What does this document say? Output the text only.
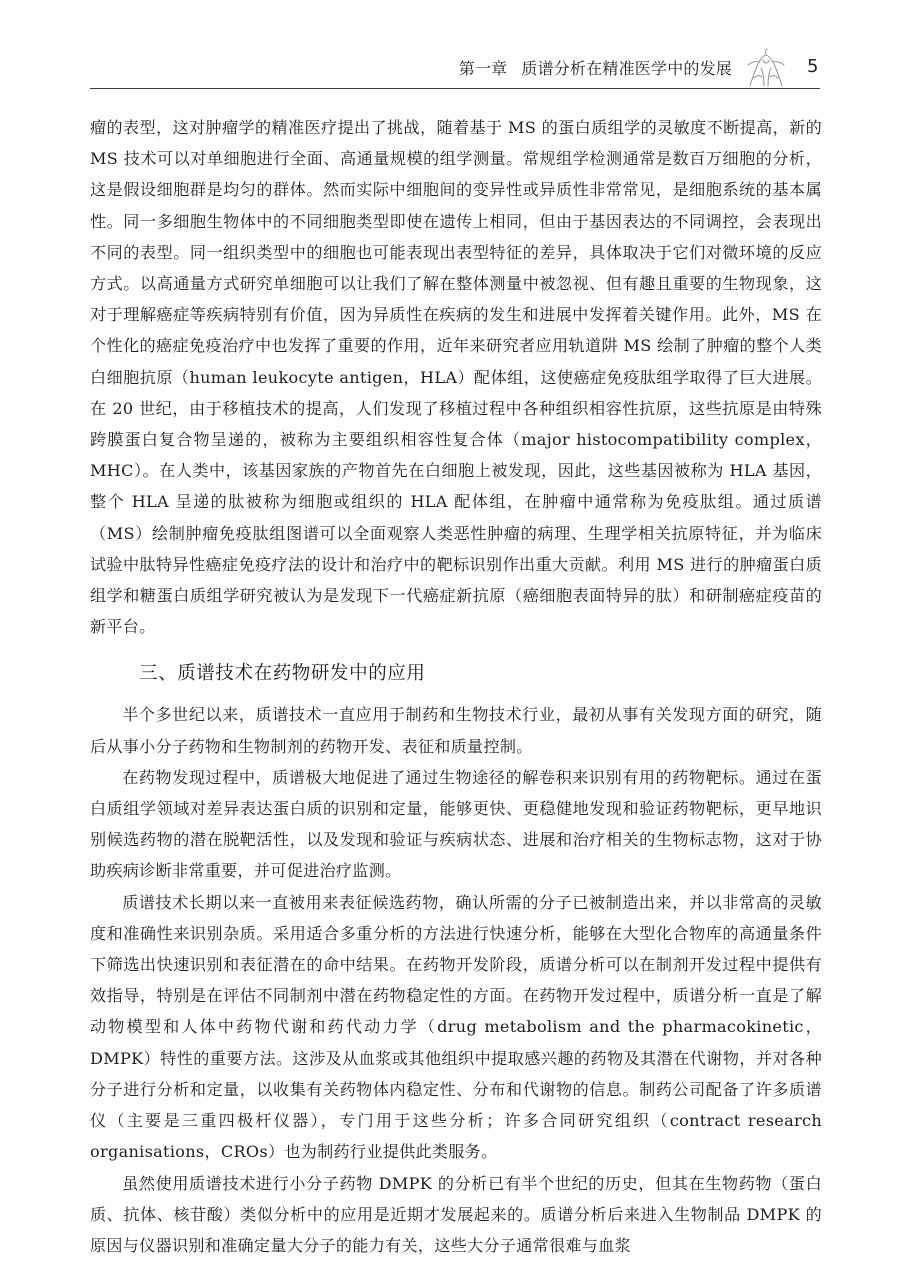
第一章 质谱分析在精准医学中的发展	5

瘤的表型，这对肿瘤学的精准医疗提出了挑战，随着基于 MS 的蛋白质组学的灵敏度不断提高，新的 MS 技术可以对单细胞进行全面、高通量规模的组学测量。常规组学检测通常是数百万细胞的分析，这是假设细胞群是均匀的群体。然而实际中细胞间的变异性或异质性非常常见，是细胞系统的基本属性。同一多细胞生物体中的不同细胞类型即使在遗传上相同，但由于基因表达的不同调控，会表现出不同的表型。同一组织类型中的细胞也可能表现出表型特征的差异，具体取决于它们对微环境的反应方式。以高通量方式研究单细胞可以让我们了解在整体测量中被忽视、但有趣且重要的生物现象，这对于理解癌症等疾病特别有价值，因为异质性在疾病的发生和进展中发挥着关键作用。此外，MS 在个性化的癌症免疫治疗中也发挥了重要的作用，近年来研究者应用轨道阱 MS 绘制了肿瘤的整个人类白细胞抗原（human leukocyte antigen，HLA）配体组，这使癌症免疫肽组学取得了巨大进展。在 20 世纪，由于移植技术的提高，人们发现了移植过程中各种组织相容性抗原，这些抗原是由特殊跨膜蛋白复合物呈递的，被称为主要组织相容性复合体（major histocompatibility complex，MHC）。在人类中，该基因家族的产物首先在白细胞上被发现，因此，这些基因被称为 HLA 基因，整个 HLA 呈递的肽被称为细胞或组织的 HLA 配体组，在肿瘤中通常称为免疫肽组。通过质谱（MS）绘制肿瘤免疫肽组图谱可以全面观察人类恶性肿瘤的病理、生理学相关抗原特征，并为临床试验中肽特异性癌症免疫疗法的设计和治疗中的靶标识别作出重大贡献。利用 MS 进行的肿瘤蛋白质组学和糖蛋白质组学研究被认为是发现下一代癌症新抗原（癌细胞表面特异的肽）和研制癌症疫苗的新平台。

三、质谱技术在药物研发中的应用

半个多世纪以来，质谱技术一直应用于制药和生物技术行业，最初从事有关发现方面的研究，随后从事小分子药物和生物制剂的药物开发、表征和质量控制。

在药物发现过程中，质谱极大地促进了通过生物途径的解卷积来识别有用的药物靶标。通过在蛋白质组学领域对差异表达蛋白质的识别和定量，能够更快、更稳健地发现和验证药物靶标，更早地识别候选药物的潜在脱靶活性，以及发现和验证与疾病状态、进展和治疗相关的生物标志物，这对于协助疾病诊断非常重要，并可促进治疗监测。

质谱技术长期以来一直被用来表征候选药物，确认所需的分子已被制造出来，并以非常高的灵敏度和准确性来识别杂质。采用适合多重分析的方法进行快速分析，能够在大型化合物库的高通量条件下筛选出快速识别和表征潜在的命中结果。在药物开发阶段，质谱分析可以在制剂开发过程中提供有效指导，特别是在评估不同制剂中潜在药物稳定性的方面。在药物开发过程中，质谱分析一直是了解动物模型和人体中药物代谢和药代动力学（drug metabolism and the pharmacokinetic，DMPK）特性的重要方法。这涉及从血浆或其他组织中提取感兴趣的药物及其潜在代谢物，并对各种分子进行分析和定量，以收集有关药物体内稳定性、分布和代谢物的信息。制药公司配备了许多质谱仪（主要是三重四极杆仪器），专门用于这些分析；许多合同研究组织（contract research organisations，CROs）也为制药行业提供此类服务。

虽然使用质谱技术进行小分子药物 DMPK 的分析已有半个世纪的历史，但其在生物药物（蛋白质、抗体、核苷酸）类似分析中的应用是近期才发展起来的。质谱分析后来进入生物制品 DMPK 的原因与仪器识别和准确定量大分子的能力有关，这些大分子通常很难与血浆
